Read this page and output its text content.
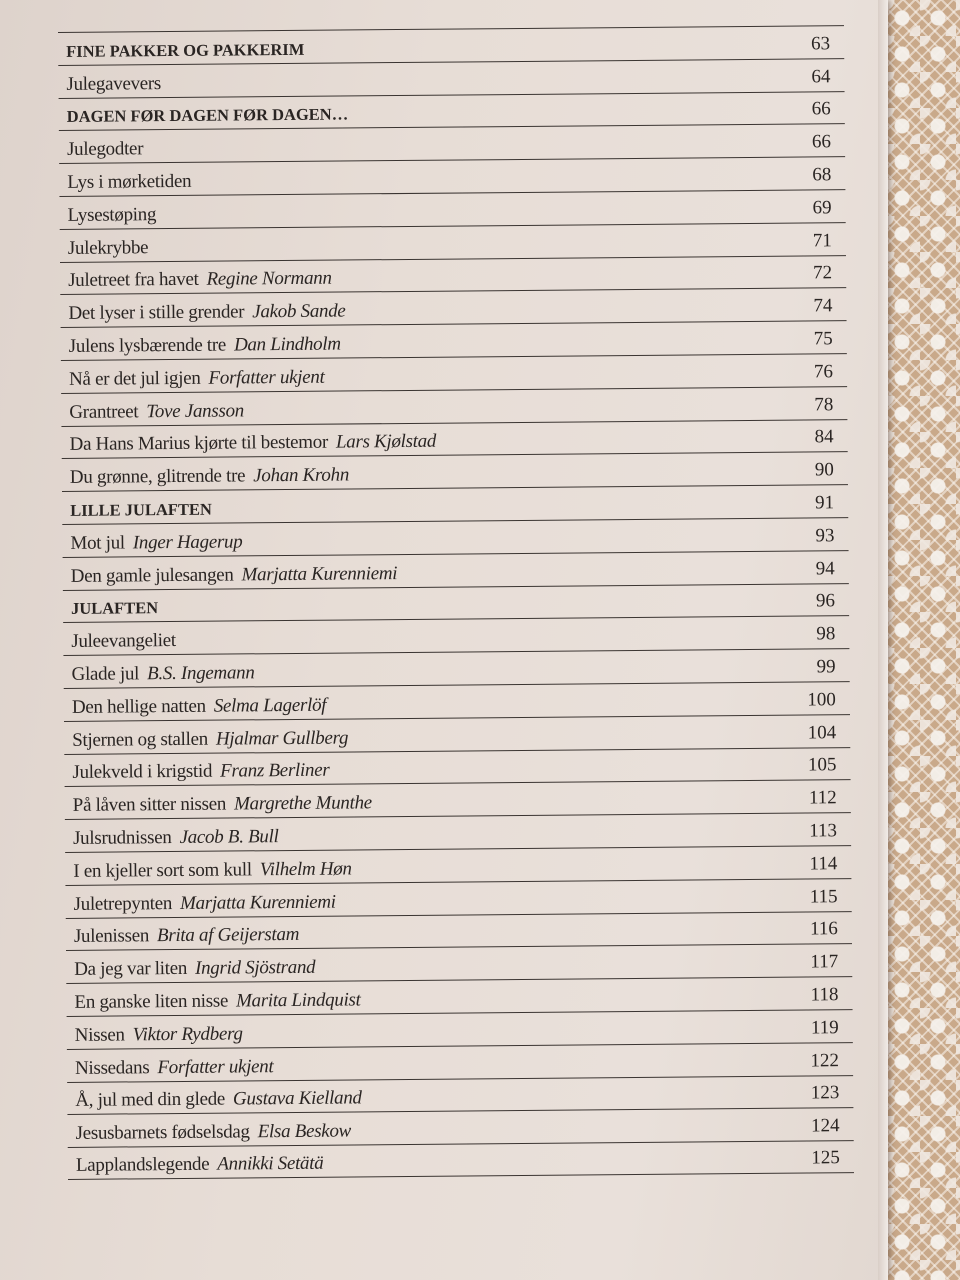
FINE PAKKER OG PAKKERIM	63
Julegavevers	64
DAGEN FØR DAGEN FØR DAGEN…	66
Julegodter	66
Lys i mørketiden	68
Lysestøping	69
Julekrybbe	71
Juletreet fra havet Regine Normann	72
Det lyser i stille grender Jakob Sande	74
Julens lysbærende tre Dan Lindholm	75
Nå er det jul igjen Forfatter ukjent	76
Grantreet Tove Jansson	78
Da Hans Marius kjørte til bestemor Lars Kjølstad	84
Du grønne, glitrende tre Johan Krohn	90
LILLE JULAFTEN	91
Mot jul Inger Hagerup	93
Den gamle julesangen Marjatta Kurenniemi	94
JULAFTEN	96
Juleevangeliet	98
Glade jul B.S. Ingemann	99
Den hellige natten Selma Lagerlöf	100
Stjernen og stallen Hjalmar Gullberg	104
Julekveld i krigstid Franz Berliner	105
På låven sitter nissen Margrethe Munthe	112
Julsrudnissen Jacob B. Bull	113
I en kjeller sort som kull Vilhelm Høn	114
Juletrepynten Marjatta Kurenniemi	115
Julenissen Brita af Geijerstam	116
Da jeg var liten Ingrid Sjöstrand	117
En ganske liten nisse Marita Lindquist	118
Nissen Viktor Rydberg	119
Nissedans Forfatter ukjent	122
Å, jul med din glede Gustava Kielland	123
Jesusbarnets fødselsdag Elsa Beskow	124
Lapplandslegende Annikki Setätä	125
